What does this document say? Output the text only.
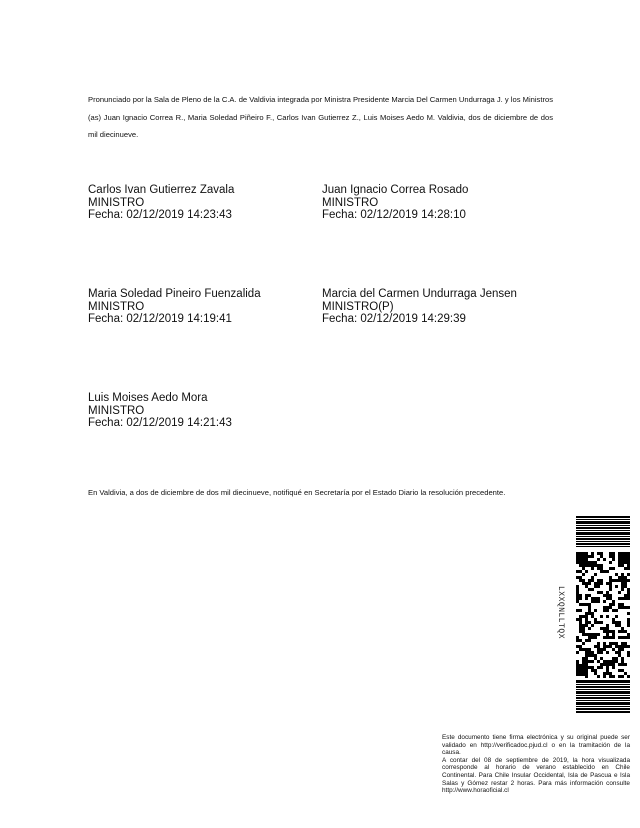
Pronunciado por la Sala de Pleno de la C.A. de Valdivia integrada por Ministra Presidente Marcia Del Carmen Undurraga J. y los Ministros (as) Juan Ignacio Correa R., Maria Soledad Piñeiro F., Carlos Ivan Gutierrez Z., Luis Moises Aedo M. Valdivia, dos de diciembre de dos mil diecinueve.
Carlos Ivan Gutierrez Zavala
MINISTRO
Fecha: 02/12/2019 14:23:43
Juan Ignacio Correa Rosado
MINISTRO
Fecha: 02/12/2019 14:28:10
Maria Soledad Pineiro Fuenzalida
MINISTRO
Fecha: 02/12/2019 14:19:41
Marcia del Carmen Undurraga Jensen
MINISTRO(P)
Fecha: 02/12/2019 14:29:39
Luis Moises Aedo Mora
MINISTRO
Fecha: 02/12/2019 14:21:43
En Valdivia, a dos de diciembre de dos mil diecinueve, notifiqué en Secretaría por el Estado Diario la resolución precedente.
LXXQNLLTQX

Este documento tiene firma electrónica y su original puede ser validado en http://verificadoc.pjud.cl o en la tramitación de la causa.

A contar del 08 de septiembre de 2019, la hora visualizada corresponde al horario de verano establecido en Chile Continental. Para Chile Insular Occidental, Isla de Pascua e Isla Salas y Gómez restar 2 horas. Para más información consulte http://www.horaoficial.cl
